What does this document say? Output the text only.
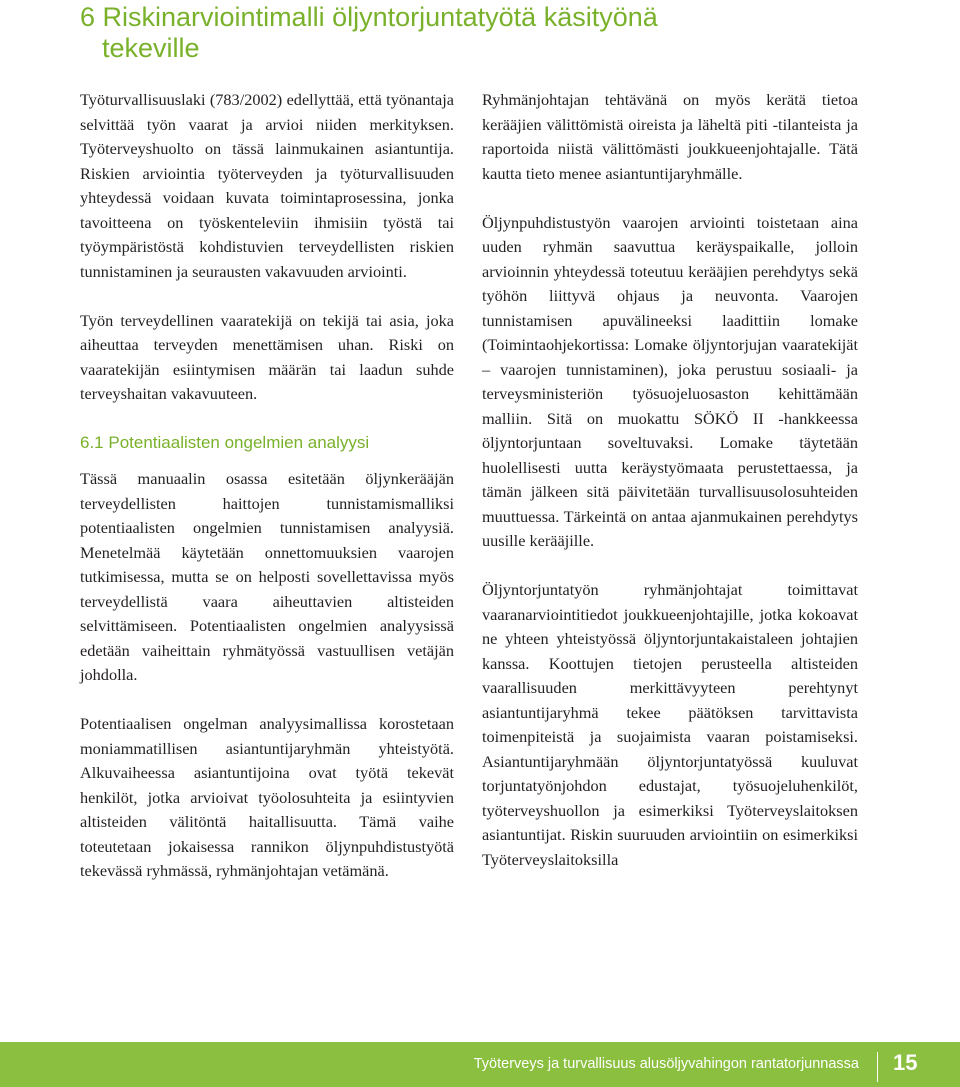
6 Riskinarviointimalli öljyntorjuntatyötä käsityönä
tekeville

Työturvallisuuslaki (783/2002) edellyttää, että työnantaja selvittää työn vaarat ja arvioi niiden merkityksen. Työterveyshuolto on tässä lainmukainen asiantuntija. Riskien arviointia työterveyden ja työturvallisuuden yhteydessä voidaan kuvata toimintaprosessina, jonka tavoitteena on työskenteleviin ihmisiin työstä tai työympäristöstä kohdistuvien terveydellisten riskien tunnistaminen ja seurausten vakavuuden arviointi.

Työn terveydellinen vaaratekijä on tekijä tai asia, joka aiheuttaa terveyden menettämisen uhan. Riski on vaaratekijän esiintymisen määrän tai laadun suhde terveyshaitan vakavuuteen.

6.1 Potentiaalisten ongelmien analyysi

Tässä manuaalin osassa esitetään öljynkerääjän terveydellisten haittojen tunnistamismalliksi potentiaalisten ongelmien tunnistamisen analyysiä. Menetelmää käytetään onnettomuuksien vaarojen tutkimisessa, mutta se on helposti sovellettavissa myös terveydellistä vaara aiheuttavien altisteiden selvittämiseen. Potentiaalisten ongelmien analyysissä edetään vaiheittain ryhmätyössä vastuullisen vetäjän johdolla.

Potentiaalisen ongelman analyysimallissa korostetaan moniammatillisen asiantuntijaryhmän yhteistyötä. Alkuvaiheessa asiantuntijoina ovat työtä tekevät henkilöt, jotka arvioivat työolosuhteita ja esiintyvien altisteiden välitöntä haitallisuutta. Tämä vaihe toteutetaan jokaisessa rannikon öljynpuhdistustyötä tekevässä ryhmässä, ryhmänjohtajan vetämänä.

Ryhmänjohtajan tehtävänä on myös kerätä tietoa kerääjien välittömistä oireista ja läheltä piti -tilanteista ja raportoida niistä välittömästi joukkueenjohtajalle. Tätä kautta tieto menee asiantuntijaryhmälle.

Öljynpuhdistustyön vaarojen arviointi toistetaan aina uuden ryhmän saavuttua keräyspaikalle, jolloin arvioinnin yhteydessä toteutuu kerääjien perehdytys sekä työhön liittyvä ohjaus ja neuvonta. Vaarojen tunnistamisen apuvälineeksi laadittiin lomake (Toimintaohjekortissa: Lomake öljyntorjujan vaaratekijät – vaarojen tunnistaminen), joka perustuu sosiaali- ja terveysministeriön työsuojeluosaston kehittämään malliin. Sitä on muokattu SÖKÖ II -hankkeessa öljyntorjuntaan soveltuvaksi. Lomake täytetään huolellisesti uutta keräystyömaata perustettaessa, ja tämän jälkeen sitä päivitetään turvallisuusolosuhteiden muuttuessa. Tärkeintä on antaa ajanmukainen perehdytys uusille kerääjille.

Öljyntorjuntatyön ryhmänjohtajat toimittavat vaaranarviointitiedot joukkueenjohtajille, jotka kokoavat ne yhteen yhteistyössä öljyntorjuntakaistaleen johtajien kanssa. Koottujen tietojen perusteella altisteiden vaarallisuuden merkittävyyteen perehtynyt asiantuntijaryhmä tekee päätöksen tarvittavista toimenpiteistä ja suojaimista vaaran poistamiseksi. Asiantuntijaryhmään öljyntorjuntatyössä kuuluvat torjuntatyönjohdon edustajat, työsuojeluhenkilöt, työterveyshuollon ja esimerkiksi Työterveyslaitoksen asiantuntijat. Riskin suuruuden arviointiin on esimerkiksi Työterveyslaitoksilla

Työterveys ja turvallisuus alusöljyvahingon rantatorjunnassa 15
